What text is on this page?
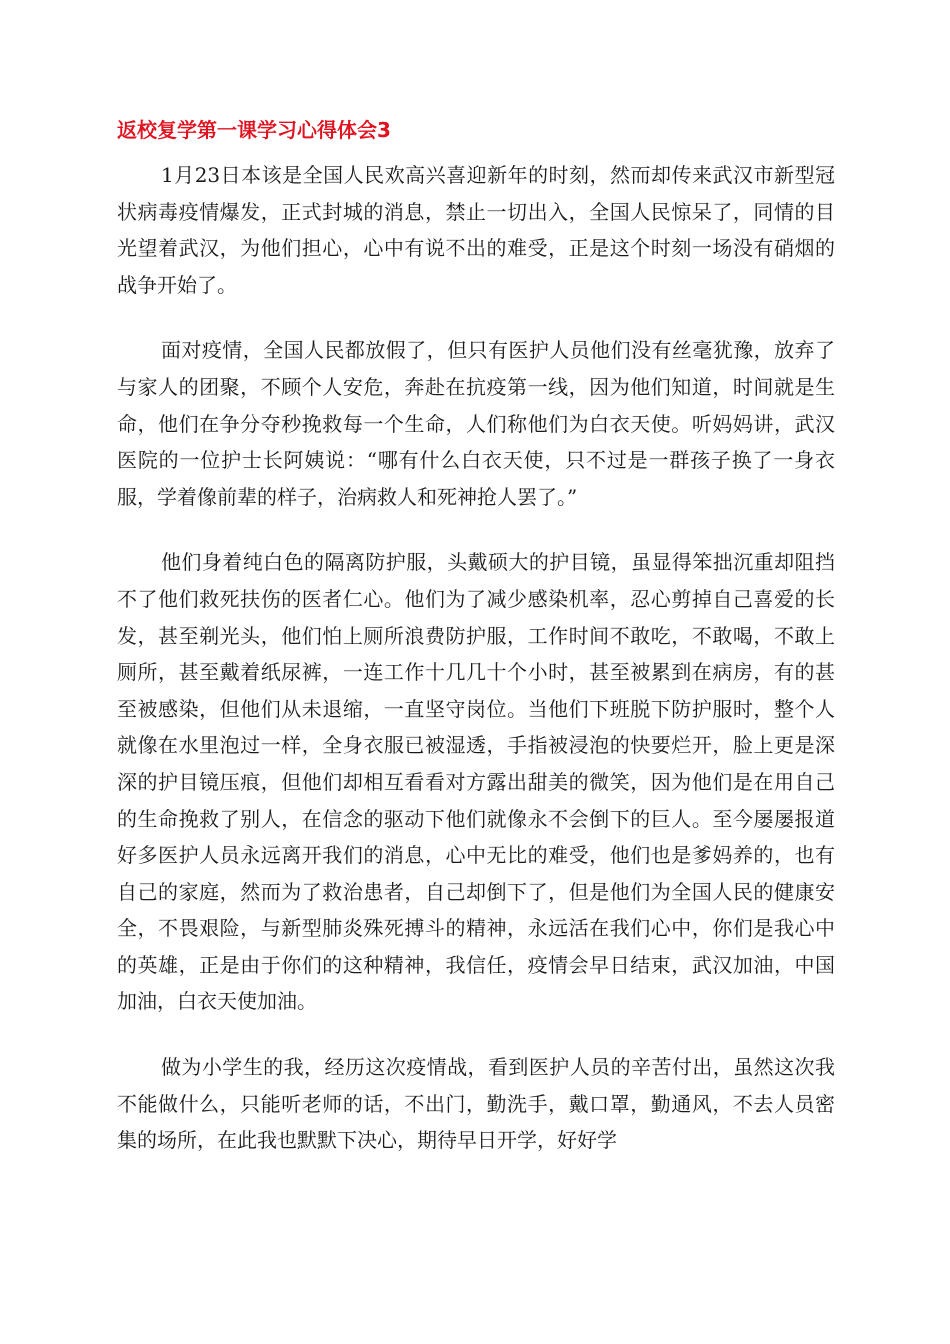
返校复学第一课学习心得体会3

1月23日本该是全国人民欢高兴喜迎新年的时刻，然而却传来武汉市新型冠状病毒疫情爆发，正式封城的消息，禁止一切出入，全国人民惊呆了，同情的目光望着武汉，为他们担心，心中有说不出的难受，正是这个时刻一场没有硝烟的战争开始了。

面对疫情，全国人民都放假了，但只有医护人员他们没有丝毫犹豫，放弃了与家人的团聚，不顾个人安危，奔赴在抗疫第一线，因为他们知道，时间就是生命，他们在争分夺秒挽救每一个生命，人们称他们为白衣天使。听妈妈讲，武汉医院的一位护士长阿姨说：“哪有什么白衣天使，只不过是一群孩子换了一身衣服，学着像前辈的样子，治病救人和死神抢人罢了。”

他们身着纯白色的隔离防护服，头戴硕大的护目镜，虽显得笨拙沉重却阻挡不了他们救死扶伤的医者仁心。他们为了减少感染机率，忍心剪掉自己喜爱的长发，甚至剃光头，他们怕上厕所浪费防护服，工作时间不敢吃，不敢喝，不敢上厕所，甚至戴着纸尿裤，一连工作十几几十个小时，甚至被累到在病房，有的甚至被感染，但他们从未退缩，一直坚守岗位。当他们下班脱下防护服时，整个人就像在水里泡过一样，全身衣服已被湿透，手指被浸泡的快要烂开，脸上更是深深的护目镜压痕，但他们却相互看看对方露出甜美的微笑，因为他们是在用自己的生命挽救了别人，在信念的驱动下他们就像永不会倒下的巨人。至今屡屡报道好多医护人员永远离开我们的消息，心中无比的难受，他们也是爹妈养的，也有自己的家庭，然而为了救治患者，自己却倒下了，但是他们为全国人民的健康安全，不畏艰险，与新型肺炎殊死搏斗的精神，永远活在我们心中，你们是我心中的英雄，正是由于你们的这种精神，我信任，疫情会早日结束，武汉加油，中国加油，白衣天使加油。

做为小学生的我，经历这次疫情战，看到医护人员的辛苦付出，虽然这次我不能做什么，只能听老师的话，不出门，勤洗手，戴口罩，勤通风，不去人员密集的场所，在此我也默默下决心，期待早日开学，好好学
